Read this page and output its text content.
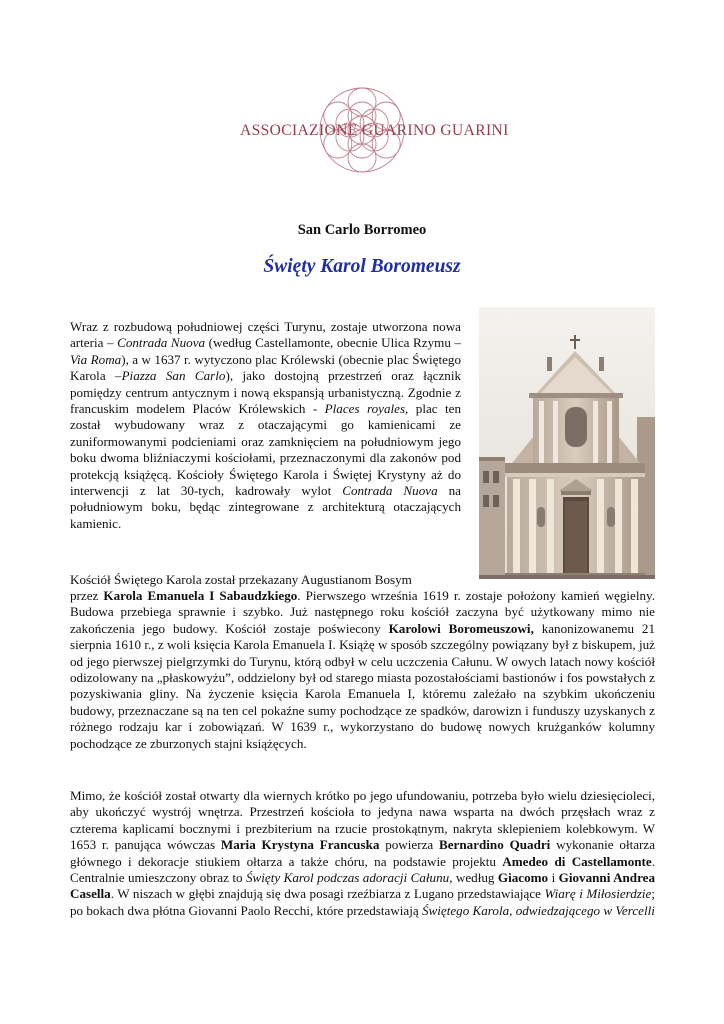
ASSOCIAZIONE GUARINO GUARINI
San Carlo Borromeo
Święty Karol Boromeusz

Wraz z rozbudową południowej części Turynu, zostaje utworzona nowa arteria – Contrada Nuova (według Castellamonte, obecnie Ulica Rzymu – Via Roma), a w 1637 r. wytyczono plac Królewski (obecnie plac Świętego Karola –Piazza San Carlo), jako dostojną przestrzeń oraz łącznik pomiędzy centrum antycznym i nową ekspansją urbanistyczną. Zgodnie z francuskim modelem Placów Królewskich - Places royales, plac ten został wybudowany wraz z otaczającymi go kamienicami ze zuniformowanymi podcieniami oraz zamknięciem na południowym jego boku dwoma bliźniaczymi kościołami, przeznaczonymi dla zakonów pod protekcją książęcą. Kościoły Świętego Karola i Świętej Krystyny aż do interwencji z lat 30-tych, kadrowały wylot Contrada Nuova na południowym boku, będąc zintegrowane z architekturą otaczających kamienic.

Kościół Świętego Karola został przekazany Augustianom Bosym

przez Karola Emanuela I Sabaudzkiego. Pierwszego września 1619 r. zostaje położony kamień węgielny. Budowa przebiega sprawnie i szybko. Już następnego roku kościół zaczyna być użytkowany mimo nie zakończenia jego budowy. Kościół zostaje poświecony Karolowi Boromeuszowi, kanonizowanemu 21 sierpnia 1610 r., z woli księcia Karola Emanuela I. Książę w sposób szczególny powiązany był z biskupem, już od jego pierwszej pielgrzymki do Turynu, którą odbył w celu uczczenia Całunu. W owych latach nowy kościół odizolowany na „płaskowyżu”, oddzielony był od starego miasta pozostałościami bastionów i fos powstałych z pozyskiwania gliny. Na życzenie księcia Karola Emanuela I, któremu zależało na szybkim ukończeniu budowy, przeznaczane są na ten cel pokaźne sumy pochodzące ze spadków, darowizn i funduszy uzyskanych z różnego rodzaju kar i zobowiązań. W 1639 r., wykorzystano do budowę nowych krużganków kolumny pochodzące ze zburzonych stajni książęcych.

Mimo, że kościół został otwarty dla wiernych krótko po jego ufundowaniu, potrzeba było wielu dziesięcioleci, aby ukończyć wystrój wnętrza. Przestrzeń kościoła to jedyna nawa wsparta na dwóch przęsłach wraz z czterema kaplicami bocznymi i prezbiterium na rzucie prostokątnym, nakryta sklepieniem kolebkowym. W 1653 r. panująca wówczas Maria Krystyna Francuska powierza Bernardino Quadri wykonanie ołtarza głównego i dekoracje stiukiem ołtarza a także chóru, na podstawie projektu Amedeo di Castellamonte. Centralnie umieszczony obraz to Święty Karol podczas adoracji Całunu, według Giacomo i Giovanni Andrea Casella. W niszach w głębi znajdują się dwa posagi rzeźbiarza z Lugano przedstawiające Wiarę i Miłosierdzie; po bokach dwa płótna Giovanni Paolo Recchi, które przedstawiają Świętego Karola, odwiedzającego w Vercelli
